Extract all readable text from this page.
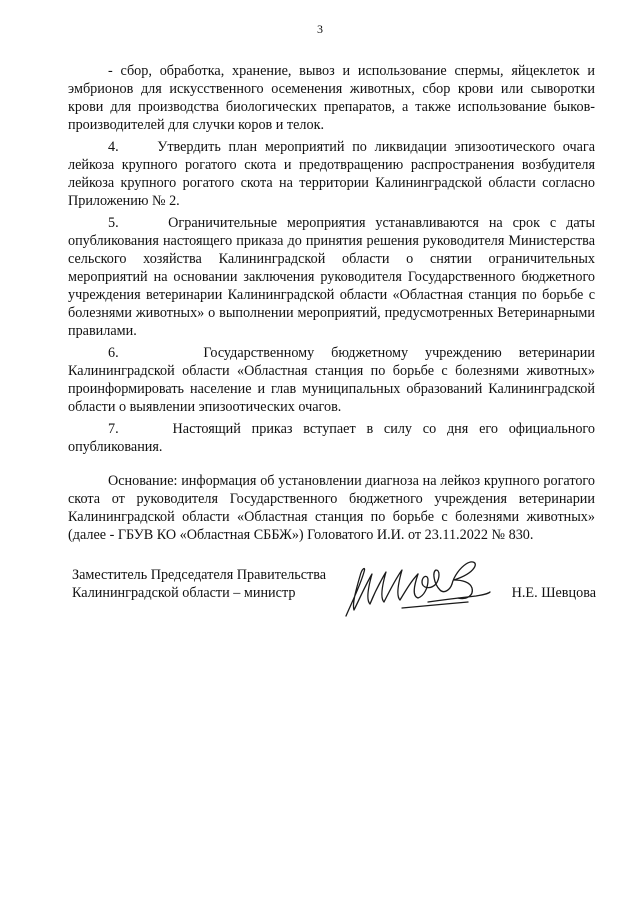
3

- сбор, обработка, хранение, вывоз и использование спермы, яйцеклеток и эмбрионов для искусственного осеменения животных, сбор крови или сыворотки крови для производства биологических препаратов, а также использование быков-производителей для случки коров и телок.

4.     Утвердить план мероприятий по ликвидации эпизоотического очага лейкоза крупного рогатого скота и предотвращению распространения возбудителя лейкоза крупного рогатого скота на территории Калининградской области согласно Приложению № 2.

5.     Ограничительные мероприятия устанавливаются на срок с даты опубликования настоящего приказа до принятия решения руководителя Министерства сельского хозяйства Калининградской области о снятии ограничительных мероприятий на основании заключения руководителя Государственного бюджетного учреждения ветеринарии Калининградской области «Областная станция по борьбе с болезнями животных» о выполнении мероприятий, предусмотренных Ветеринарными правилами.

6.     Государственному бюджетному учреждению ветеринарии Калининградской области «Областная станция по борьбе с болезнями животных» проинформировать население и глав муниципальных образований Калининградской области о выявлении эпизоотических очагов.

7.     Настоящий приказ вступает в силу со дня его официального опубликования.

Основание: информация об установлении диагноза на лейкоз крупного рогатого скота от руководителя Государственного бюджетного учреждения ветеринарии Калининградской области «Областная станция по борьбе с болезнями животных» (далее - ГБУВ КО «Областная СББЖ») Головатого И.И. от 23.11.2022 № 830.

Заместитель Председателя Правительства
Калининградской области – министр	Н.Е. Шевцова
